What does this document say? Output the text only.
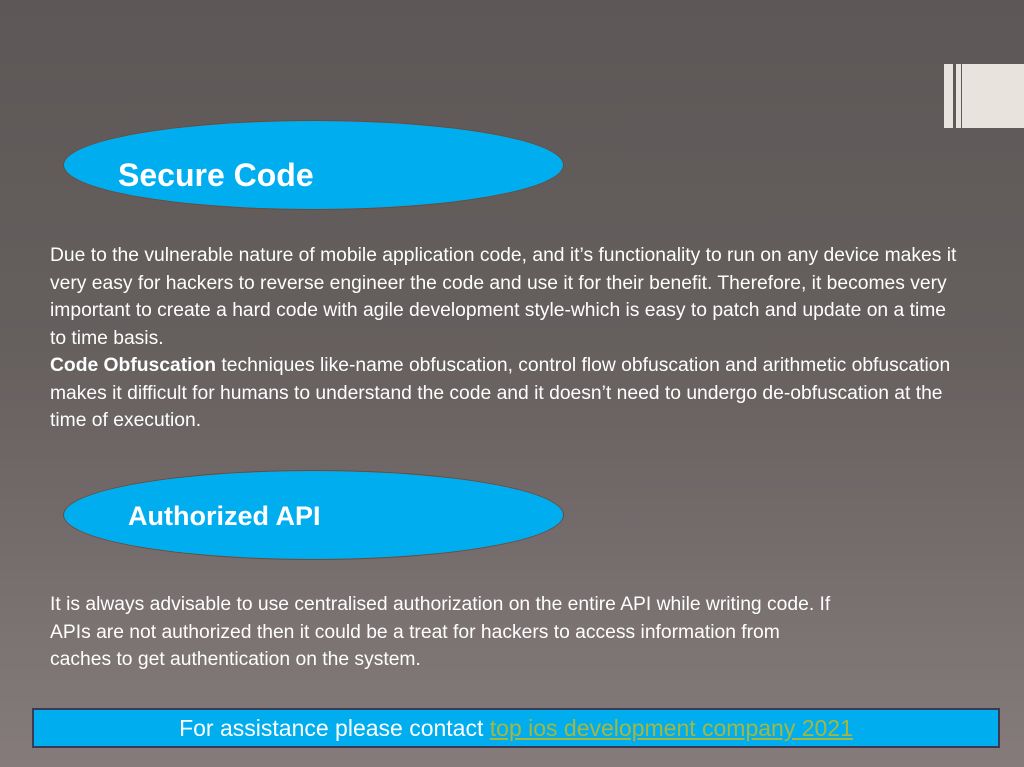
Secure Code
Due to the vulnerable nature of mobile application code, and it’s functionality to run on any device makes it very easy for hackers to reverse engineer the code and use it for their benefit. Therefore, it becomes very important to create a hard code with agile development style-which is easy to patch and update on a time to time basis.
Code Obfuscation techniques like-name obfuscation, control flow obfuscation and arithmetic obfuscation makes it difficult for humans to understand the code and it doesn’t need to undergo de-obfuscation at the time of execution.
Authorized API
It is always advisable to use centralised authorization on the entire API while writing code. If
APIs are not authorized then it could be a treat for hackers to access information from
caches to get authentication on the system.
For assistance please contact top ios development company 2021
